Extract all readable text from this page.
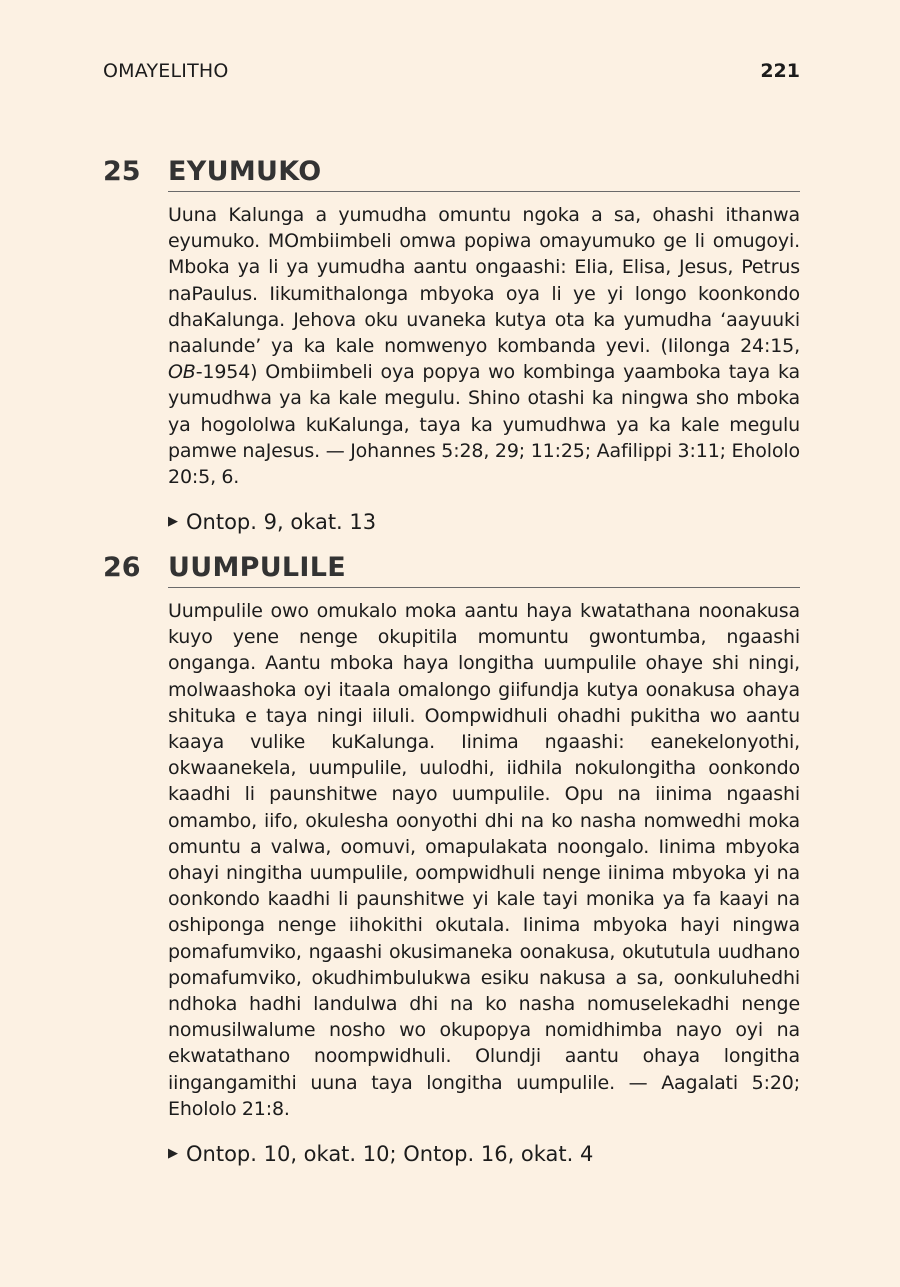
OMAYELITHO	221
25 EYUMUKO

Uuna Kalunga a yumudha omuntu ngoka a sa, ohashi ithanwa eyumuko. MOmbiimbeli omwa popiwa omayumuko ge li omugoyi. Mboka ya li ya yumudha aantu ongaashi: Elia, Elisa, Jesus, Petrus naPaulus. Iikumithalonga mbyoka oya li ye yi longo koonkondo dhaKalunga. Jehova oku uvaneka kutya ota ka yumudha ‘aayuuki naalunde’ ya ka kale nomwenyo kombanda yevi. (Iilonga 24:15, OB-1954) Ombiimbeli oya popya wo kombinga yaamboka taya ka yumudhwa ya ka kale megulu. Shino otashi ka ningwa sho mboka ya hogololwa kuKalunga, taya ka yumudhwa ya ka kale megulu pamwe naJesus. — Johannes 5:28, 29; 11:25; Aafilippi 3:11; Ehololo 20:5, 6.

▶ Ontop. 9, okat. 13
26 UUMPULILE

Uumpulile owo omukalo moka aantu haya kwatathana noonakusa kuyo yene nenge okupitila momuntu gwontumba, ngaashi onganga. Aantu mboka haya longitha uumpulile ohaye shi ningi, molwaashoka oyi itaala omalongo giifundja kutya oonakusa ohaya shituka e taya ningi iiluli. Oompwidhuli ohadhi pukitha wo aantu kaaya vulike kuKalunga. Iinima ngaashi: eanekelonyothi, okwaanekela, uumpulile, uulodhi, iidhila nokulongitha oonkondo kaadhi li paunshitwe nayo uumpulile. Opu na iinima ngaashi omambo, iifo, okulesha oonyothi dhi na ko nasha nomwedhi moka omuntu a valwa, oomuvi, omapulakata noongalo. Iinima mbyoka ohayi ningitha uumpulile, oompwidhuli nenge iinima mbyoka yi na oonkondo kaadhi li paunshitwe yi kale tayi monika ya fa kaayi na oshiponga nenge iihokithi okutala. Iinima mbyoka hayi ningwa pomafumviko, ngaashi okusimaneka oonakusa, okututula uudhano pomafumviko, okudhimbulukwa esiku nakusa a sa, oonkuluhedhi ndhoka hadhi landulwa dhi na ko nasha nomuselekadhi nenge nomusilwalume nosho wo okupopya nomidhimba nayo oyi na ekwatathano noompwidhuli. Olundji aantu ohaya longitha iingangamithi uuna taya longitha uumpulile. — Aagalati 5:20; Ehololo 21:8.

▶ Ontop. 10, okat. 10; Ontop. 16, okat. 4
